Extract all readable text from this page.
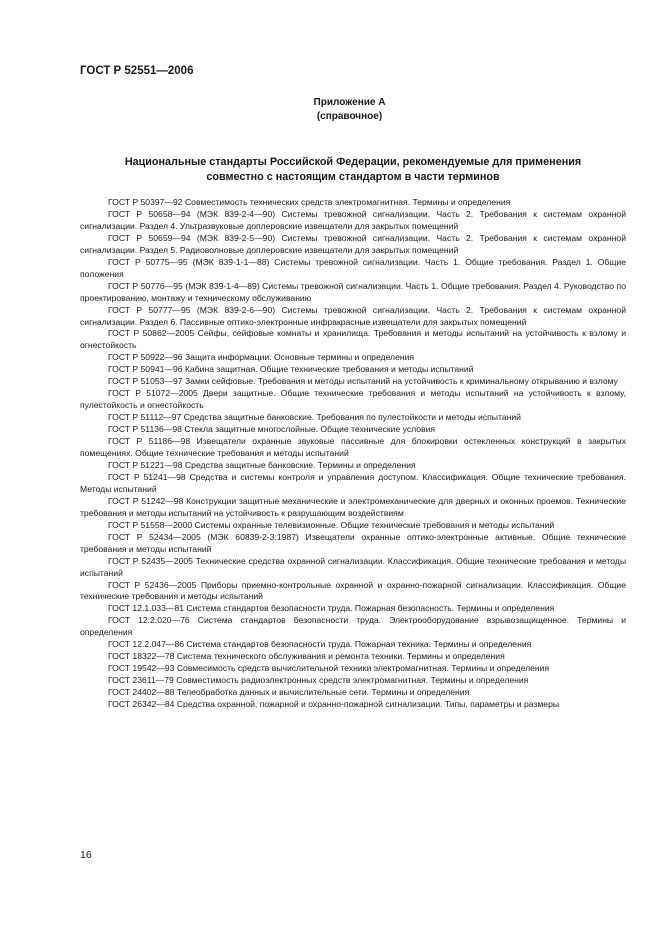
ГОСТ Р 52551—2006
Приложение А
(справочное)
Национальные стандарты Российской Федерации, рекомендуемые для применения
совместно с настоящим стандартом в части терминов

ГОСТ Р 50397—92 Совместимость технических средств электромагнитная. Термины и определения

ГОСТ Р 50658—94 (МЭК 839-2-4—90) Системы тревожной сигнализации. Часть 2. Требования к системам охранной сигнализации. Раздел 4. Ультразвуковые доплеровские извещатели для закрытых помещений

ГОСТ Р 50659—94 (МЭК 839-2-5—90) Системы тревожной сигнализации. Часть 2. Требования к системам охранной сигнализации. Раздел 5. Радиоволновые доплеровские извещатели для закрытых помещений

ГОСТ Р 50775—95 (МЭК 839-1-1—88) Системы тревожной сигнализации. Часть 1. Общие требования. Раздел 1. Общие положения

ГОСТ Р 50776—95 (МЭК 839-1-4—89) Системы тревожной сигнализации. Часть 1. Общие требования. Раздел 4. Руководство по проектированию, монтажу и техническому обслуживанию

ГОСТ Р 50777—95 (МЭК 839-2-6—90) Системы тревожной сигнализации. Часть 2. Требования к системам охранной сигнализации. Раздел 6. Пассивные оптико-электронные инфракрасные извещатели для закрытых помещений

ГОСТ Р 50862—2005 Сейфы, сейфовые комнаты и хранилища. Требования и методы испытаний на устойчивость к взлому и огнестойкость

ГОСТ Р 50922—96 Защита информации. Основные термины и определения

ГОСТ Р 50941—96 Кабина защитная. Общие технические требования и методы испытаний

ГОСТ Р 51053—97 Замки сейфовые. Требования и методы испытаний на устойчивость к криминальному открыванию и взлому

ГОСТ Р 51072—2005 Двери защитные. Общие технические требования и методы испытаний на устойчивость к взлому, пулестойкость и огнестойкость

ГОСТ Р 51112—97 Средства защитные банковские. Требования по пулестойкости и методы испытаний

ГОСТ Р 51136—98 Стекла защитные многослойные. Общие технические условия

ГОСТ Р 51186—98 Извещатели охранные звуковые пассивные для блокировки остекленных конструкций в закрытых помещениях. Общие технические требования и методы испытаний

ГОСТ Р 51221—98 Средства защитные банковские. Термины и определения

ГОСТ Р 51241—98 Средства и системы контроля и управления доступом. Классификация. Общие технические требования. Методы испытаний

ГОСТ Р 51242—98 Конструкции защитные механические и электромеханические для дверных и оконных проемов. Технические требования и методы испытаний на устойчивость к разрушающим воздействиям

ГОСТ Р 51558—2000 Системы охранные телевизионные. Общие технические требования и методы испытаний

ГОСТ Р 52434—2005 (МЭК 60839-2-3:1987) Извещатели охранные оптико-электронные активные. Общие технические требования и методы испытаний

ГОСТ Р 52435—2005 Технические средства охранной сигнализации. Классификация. Общие технические требования и методы испытаний

ГОСТ Р 52436—2005 Приборы приемно-контрольные охранной и охранно-пожарной сигнализации. Классификация. Общие технические требования и методы испытаний

ГОСТ 12.1.033—81 Система стандартов безопасности труда. Пожарная безопасность. Термины и определения

ГОСТ 12.2.020—76 Система стандартов безопасности труда. Электрооборудование взрывозащищенное. Термины и определения

ГОСТ 12.2.047—86 Система стандартов безопасности труда. Пожарная техника. Термины и определения

ГОСТ 18322—78 Система технического обслуживания и ремонта техники. Термины и определения

ГОСТ 19542—93 Совмесимость средств вычислительной техники электромагнитная. Термины и определения

ГОСТ 23611—79 Совместимость радиоэлектронных средств электромагнитная. Термины и определения

ГОСТ 24402—88 Телеобработка данных и вычислительные сети. Термины и определения

ГОСТ 26342—84 Средства охранной, пожарной и охранно-пожарной сигнализации. Типы, параметры и размеры

16
